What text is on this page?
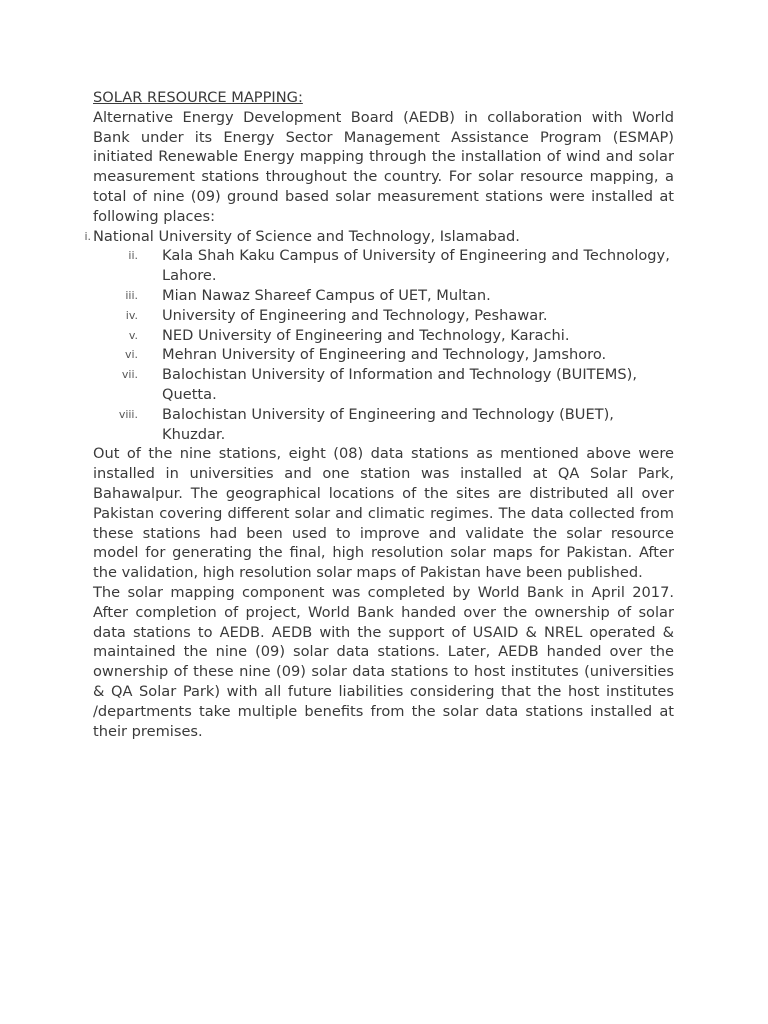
SOLAR RESOURCE MAPPING:

Alternative Energy Development Board (AEDB) in collaboration with World Bank under its Energy Sector Management Assistance Program (ESMAP) initiated Renewable Energy mapping through the installation of wind and solar measurement stations throughout the country. For solar resource mapping, a total of nine (09) ground based solar measurement stations were installed at following places:

i. National University of Science and Technology, Islamabad.
ii. Kala Shah Kaku Campus of University of Engineering and Technology, Lahore.
iii. Mian Nawaz Shareef Campus of UET, Multan.
iv. University of Engineering and Technology, Peshawar.
v. NED University of Engineering and Technology, Karachi.
vi. Mehran University of Engineering and Technology, Jamshoro.
vii. Balochistan University of Information and Technology (BUITEMS), Quetta.
viii. Balochistan University of Engineering and Technology (BUET), Khuzdar.

Out of the nine stations, eight (08) data stations as mentioned above were installed in universities and one station was installed at QA Solar Park, Bahawalpur. The geographical locations of the sites are distributed all over Pakistan covering different solar and climatic regimes. The data collected from these stations had been used to improve and validate the solar resource model for generating the final, high resolution solar maps for Pakistan. After the validation, high resolution solar maps of Pakistan have been published.

The solar mapping component was completed by World Bank in April 2017. After completion of project, World Bank handed over the ownership of solar data stations to AEDB. AEDB with the support of USAID & NREL operated & maintained the nine (09) solar data stations. Later, AEDB handed over the ownership of these nine (09) solar data stations to host institutes (universities & QA Solar Park) with all future liabilities considering that the host institutes /departments take multiple benefits from the solar data stations installed at their premises.
